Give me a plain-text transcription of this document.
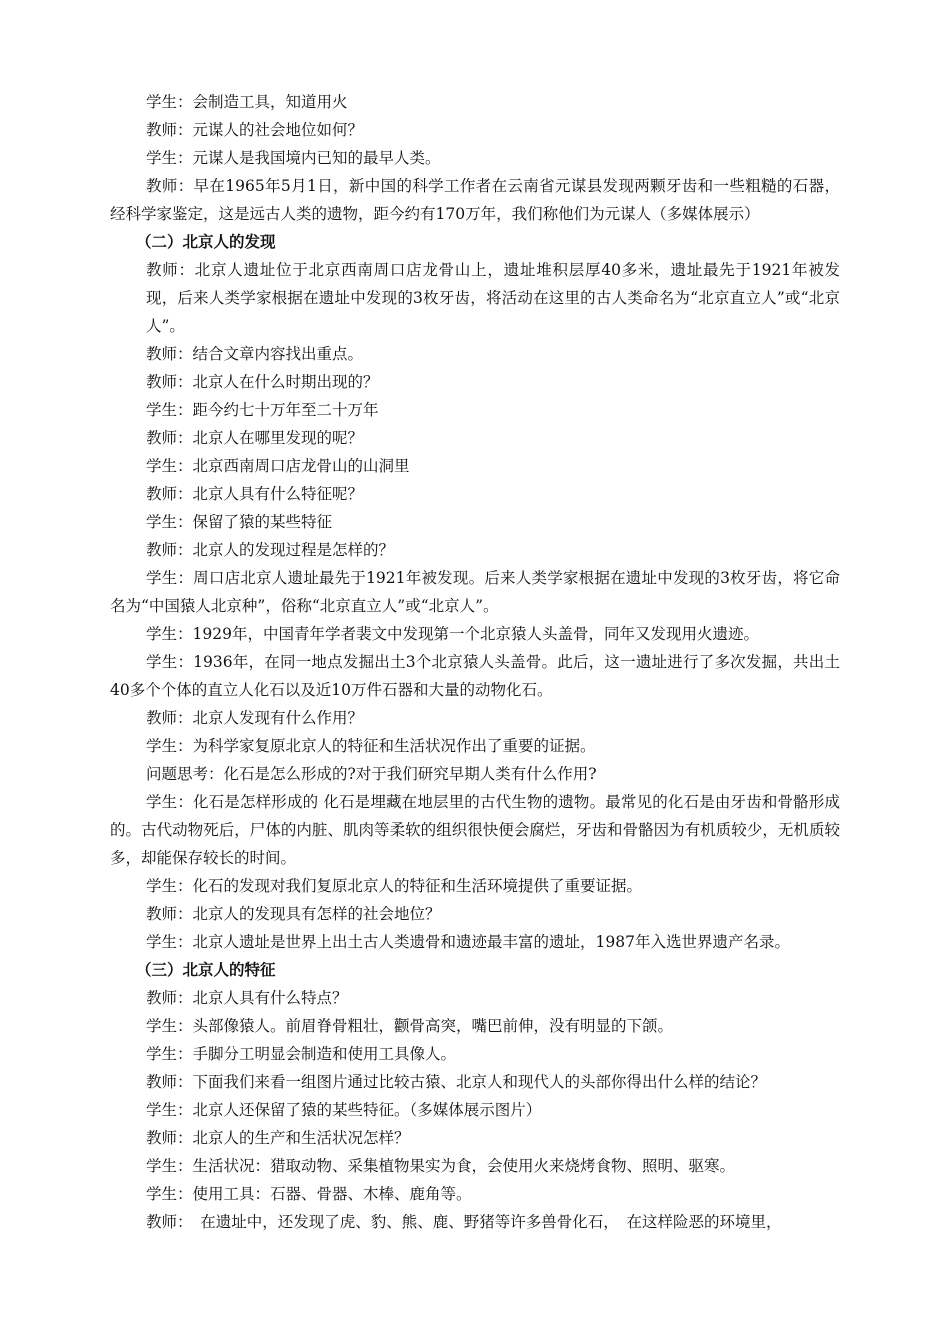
学生：会制造工具，知道用火

教师：元谋人的社会地位如何？

学生：元谋人是我国境内已知的最早人类。

教师：早在1965年5月1日，新中国的科学工作者在云南省元谋县发现两颗牙齿和一些粗糙的石器，经科学家鉴定，这是远古人类的遗物，距今约有170万年，我们称他们为元谋人（多媒体展示）

（二）北京人的发现

教师：北京人遗址位于北京西南周口店龙骨山上，遗址堆积层厚40多米，遗址最先于1921年被发现，后来人类学家根据在遗址中发现的3枚牙齿，将活动在这里的古人类命名为“北京直立人”或“北京人”。

教师：结合文章内容找出重点。

教师：北京人在什么时期出现的？

学生：距今约七十万年至二十万年

教师：北京人在哪里发现的呢？

学生：北京西南周口店龙骨山的山洞里

教师：北京人具有什么特征呢？

学生：保留了猿的某些特征

教师：北京人的发现过程是怎样的？

学生：周口店北京人遗址最先于1921年被发现。后来人类学家根据在遗址中发现的3枚牙齿，将它命名为“中国猿人北京种”，俗称“北京直立人”或“北京人”。

学生：1929年，中国青年学者裴文中发现第一个北京猿人头盖骨，同年又发现用火遗迹。

学生：1936年，在同一地点发掘出土3个北京猿人头盖骨。此后，这一遗址进行了多次发掘，共出土40多个个体的直立人化石以及近10万件石器和大量的动物化石。

教师：北京人发现有什么作用？

学生：为科学家复原北京人的特征和生活状况作出了重要的证据。

问题思考：化石是怎么形成的?对于我们研究早期人类有什么作用?

学生：化石是怎样形成的 化石是埋藏在地层里的古代生物的遗物。最常见的化石是由牙齿和骨骼形成的。古代动物死后，尸体的内脏、肌肉等柔软的组织很快便会腐烂，牙齿和骨骼因为有机质较少，无机质较多，却能保存较长的时间。

学生：化石的发现对我们复原北京人的特征和生活环境提供了重要证据。

教师：北京人的发现具有怎样的社会地位？

学生：北京人遗址是世界上出土古人类遗骨和遗迹最丰富的遗址，1987年入选世界遗产名录。

（三）北京人的特征

教师：北京人具有什么特点？

学生：头部像猿人。前眉脊骨粗壮，颧骨高突，嘴巴前伸，没有明显的下颌。

学生：手脚分工明显会制造和使用工具像人。

教师：下面我们来看一组图片通过比较古猿、北京人和现代人的头部你得出什么样的结论？

学生：北京人还保留了猿的某些特征。（多媒体展示图片）

教师：北京人的生产和生活状况怎样？

学生：生活状况：猎取动物、采集植物果实为食，会使用火来烧烤食物、照明、驱寒。

学生：使用工具：石器、骨器、木棒、鹿角等。

教师：　在遗址中，还发现了虎、豹、熊、鹿、野猪等许多兽骨化石，　在这样险恶的环境里，
